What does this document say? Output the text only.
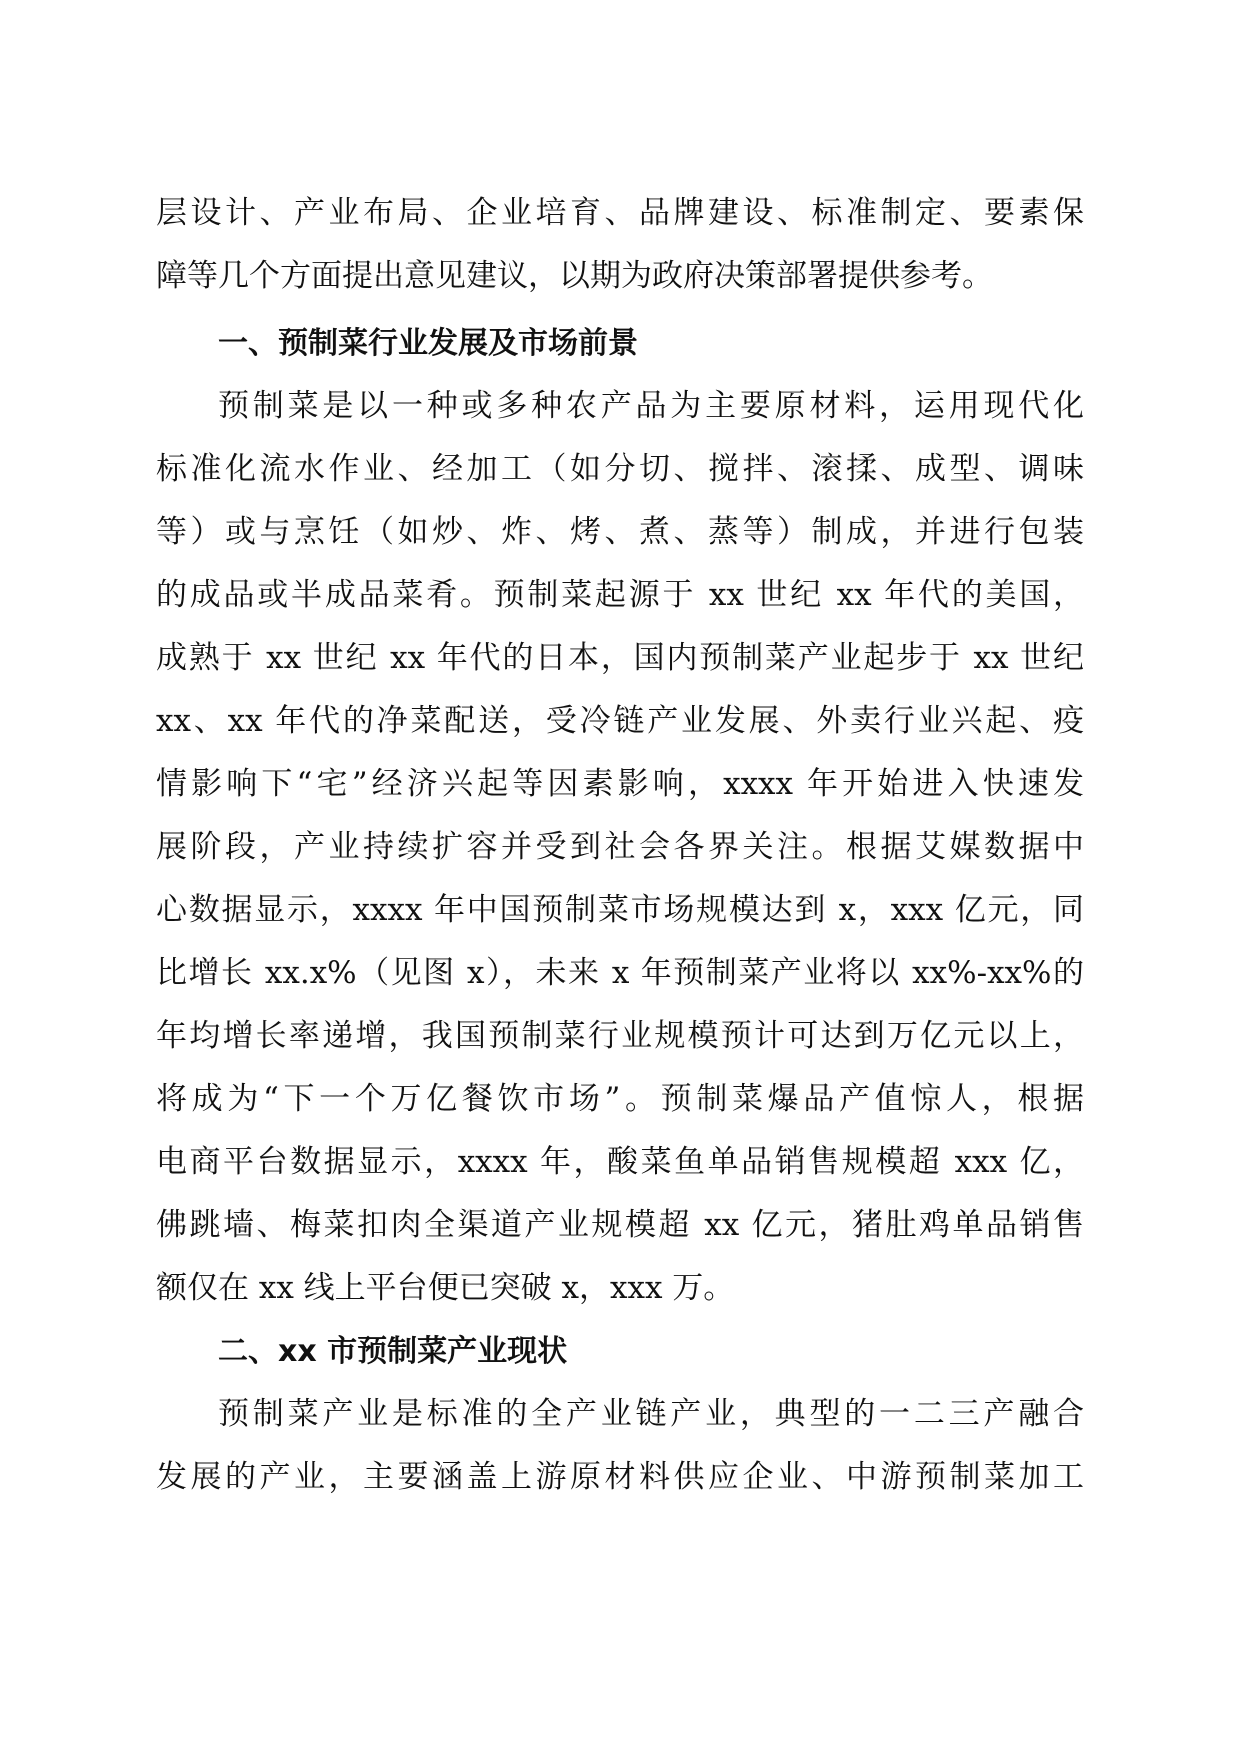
层设计、产业布局、企业培育、品牌建设、标准制定、要素保
障等几个方面提出意见建议，以期为政府决策部署提供参考。
一、预制菜行业发展及市场前景
预制菜是以一种或多种农产品为主要原材料，运用现代化
标准化流水作业、经加工（如分切、搅拌、滚揉、成型、调味
等）或与烹饪（如炒、炸、烤、煮、蒸等）制成，并进行包装
的成品或半成品菜肴。预制菜起源于 xx 世纪 xx 年代的美国，
成熟于 xx 世纪 xx 年代的日本，国内预制菜产业起步于 xx 世纪
xx、xx 年代的净菜配送，受冷链产业发展、外卖行业兴起、疫
情影响下“宅”经济兴起等因素影响，xxxx 年开始进入快速发
展阶段，产业持续扩容并受到社会各界关注。根据艾媒数据中
心数据显示，xxxx 年中国预制菜市场规模达到 x，xxx 亿元，同
比增长 xx.x%（见图 x），未来 x 年预制菜产业将以 xx%-xx%的
年均增长率递增，我国预制菜行业规模预计可达到万亿元以上，
将成为“下一个万亿餐饮市场”。预制菜爆品产值惊人，根据
电商平台数据显示，xxxx 年，酸菜鱼单品销售规模超 xxx 亿，
佛跳墙、梅菜扣肉全渠道产业规模超 xx 亿元，猪肚鸡单品销售
额仅在 xx 线上平台便已突破 x，xxx 万。
二、xx 市预制菜产业现状
预制菜产业是标准的全产业链产业，典型的一二三产融合
发展的产业，主要涵盖上游原材料供应企业、中游预制菜加工
